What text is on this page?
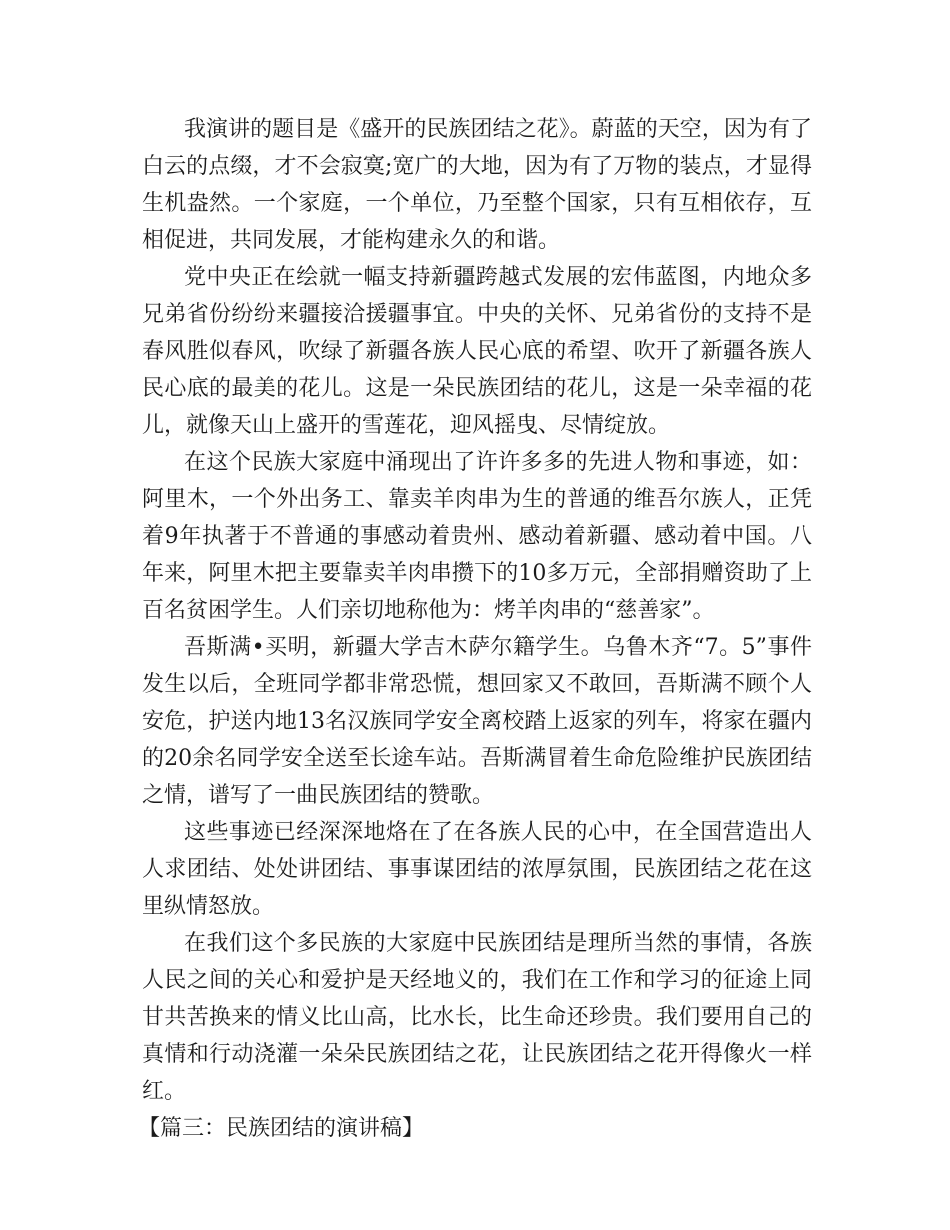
我演讲的题目是《盛开的民族团结之花》。蔚蓝的天空，因为有了白云的点缀，才不会寂寞;宽广的大地，因为有了万物的装点，才显得生机盎然。一个家庭，一个单位，乃至整个国家，只有互相依存，互相促进，共同发展，才能构建永久的和谐。

党中央正在绘就一幅支持新疆跨越式发展的宏伟蓝图，内地众多兄弟省份纷纷来疆接洽援疆事宜。中央的关怀、兄弟省份的支持不是春风胜似春风，吹绿了新疆各族人民心底的希望、吹开了新疆各族人民心底的最美的花儿。这是一朵民族团结的花儿，这是一朵幸福的花儿，就像天山上盛开的雪莲花，迎风摇曳、尽情绽放。

在这个民族大家庭中涌现出了许许多多的先进人物和事迹，如：阿里木，一个外出务工、靠卖羊肉串为生的普通的维吾尔族人，正凭着9年执著于不普通的事感动着贵州、感动着新疆、感动着中国。八年来，阿里木把主要靠卖羊肉串攒下的10多万元，全部捐赠资助了上百名贫困学生。人们亲切地称他为：烤羊肉串的“慈善家”。

吾斯满•买明，新疆大学吉木萨尔籍学生。乌鲁木齐“7。5”事件发生以后，全班同学都非常恐慌，想回家又不敢回，吾斯满不顾个人安危，护送内地13名汉族同学安全离校踏上返家的列车，将家在疆内的20余名同学安全送至长途车站。吾斯满冒着生命危险维护民族团结之情，谱写了一曲民族团结的赞歌。

这些事迹已经深深地烙在了在各族人民的心中，在全国营造出人人求团结、处处讲团结、事事谋团结的浓厚氛围，民族团结之花在这里纵情怒放。

在我们这个多民族的大家庭中民族团结是理所当然的事情，各族人民之间的关心和爱护是天经地义的，我们在工作和学习的征途上同甘共苦换来的情义比山高，比水长，比生命还珍贵。我们要用自己的真情和行动浇灌一朵朵民族团结之花，让民族团结之花开得像火一样红。

【篇三：民族团结的演讲稿】
